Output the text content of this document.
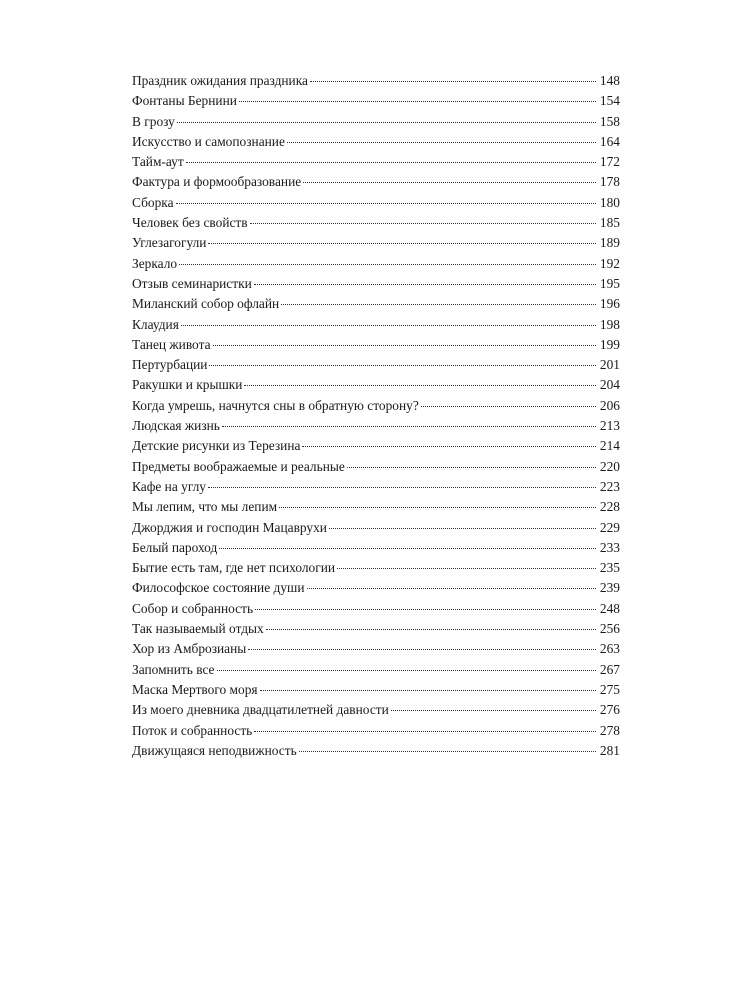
Праздник ожидания праздника	148
Фонтаны Бернини	154
В грозу	158
Искусство и самопознание	164
Тайм-аут	172
Фактура и формообразование	178
Сборка	180
Человек без свойств	185
Углезагогули	189
Зеркало	192
Отзыв семинаристки	195
Миланский собор офлайн	196
Клаудия	198
Танец живота	199
Пертурбации	201
Ракушки и крышки	204
Когда умрешь, начнутся сны в обратную сторону?	206
Людская жизнь	213
Детские рисунки из Терезина	214
Предметы воображаемые и реальные	220
Кафе на углу	223
Мы лепим, что мы лепим	228
Джорджия и господин Мацаврухи	229
Белый пароход	233
Бытие есть там, где нет психологии	235
Философское состояние души	239
Собор и собранность	248
Так называемый отдых	256
Хор из Амброзианы	263
Запомнить все	267
Маска Мертвого моря	275
Из моего дневника двадцатилетней давности	276
Поток и собранность	278
Движущаяся неподвижность	281
